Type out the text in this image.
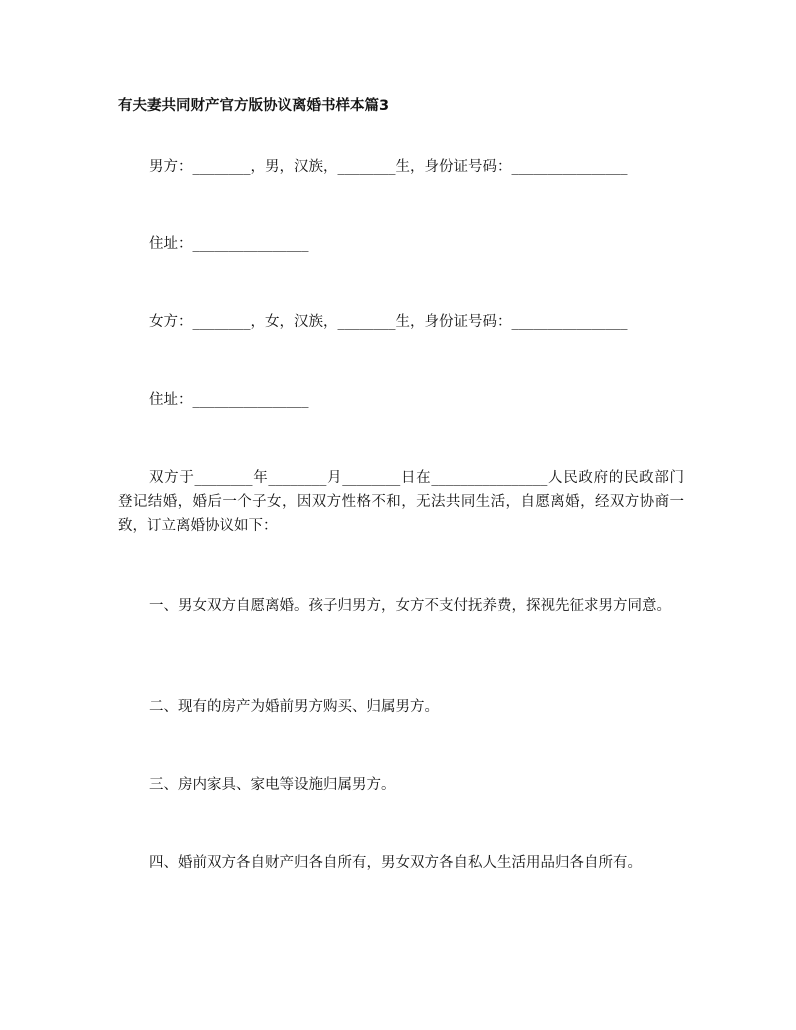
有夫妻共同财产官方版协议离婚书样本篇3
男方：________，男，汉族，________生，身份证号码：________________
住址：________________
女方：________，女，汉族，________生，身份证号码：________________
住址：________________
双方于________年________月________日在________________人民政府的民政部门登记结婚，婚后一个子女，因双方性格不和，无法共同生活，自愿离婚，经双方协商一致，订立离婚协议如下：
一、男女双方自愿离婚。孩子归男方，女方不支付抚养费，探视先征求男方同意。
二、现有的房产为婚前男方购买、归属男方。
三、房内家具、家电等设施归属男方。
四、婚前双方各自财产归各自所有，男女双方各自私人生活用品归各自所有。
